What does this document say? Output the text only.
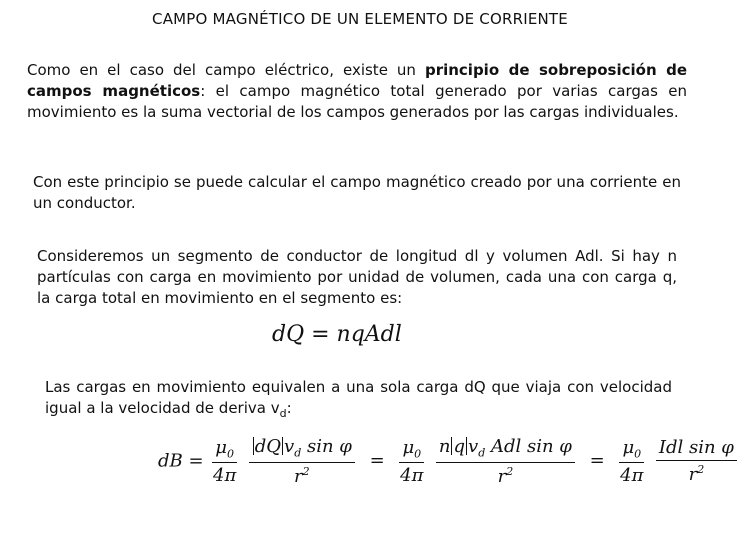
CAMPO MAGNÉTICO DE UN ELEMENTO DE CORRIENTE
Como en el caso del campo eléctrico, existe un principio de sobreposición de campos magnéticos: el campo magnético total generado por varias cargas en movimiento es la suma vectorial de los campos generados por las cargas individuales.
Con este principio se puede calcular el campo magnético creado por una corriente en un conductor.
Consideremos un segmento de conductor de longitud dl y volumen Adl. Si hay n partículas con carga en movimiento por unidad de volumen, cada una con carga q, la carga total en movimiento en el segmento es:
dQ = nqAdl
Las cargas en movimiento equivalen a una sola carga dQ que viaja con velocidad igual a la velocidad de deriva $v_d$:
dB = $\frac{\mu_0}{4\pi}$
$\frac{dQ v_d \sin \varphi}{r^2} = \frac{\mu_0}{4\pi}$
$\frac{n q v_d Adl \sin \varphi}{r^2} = \frac{\mu_0}{4\pi}$
$\frac{\text{Idl sin φ}}{r^2}$
